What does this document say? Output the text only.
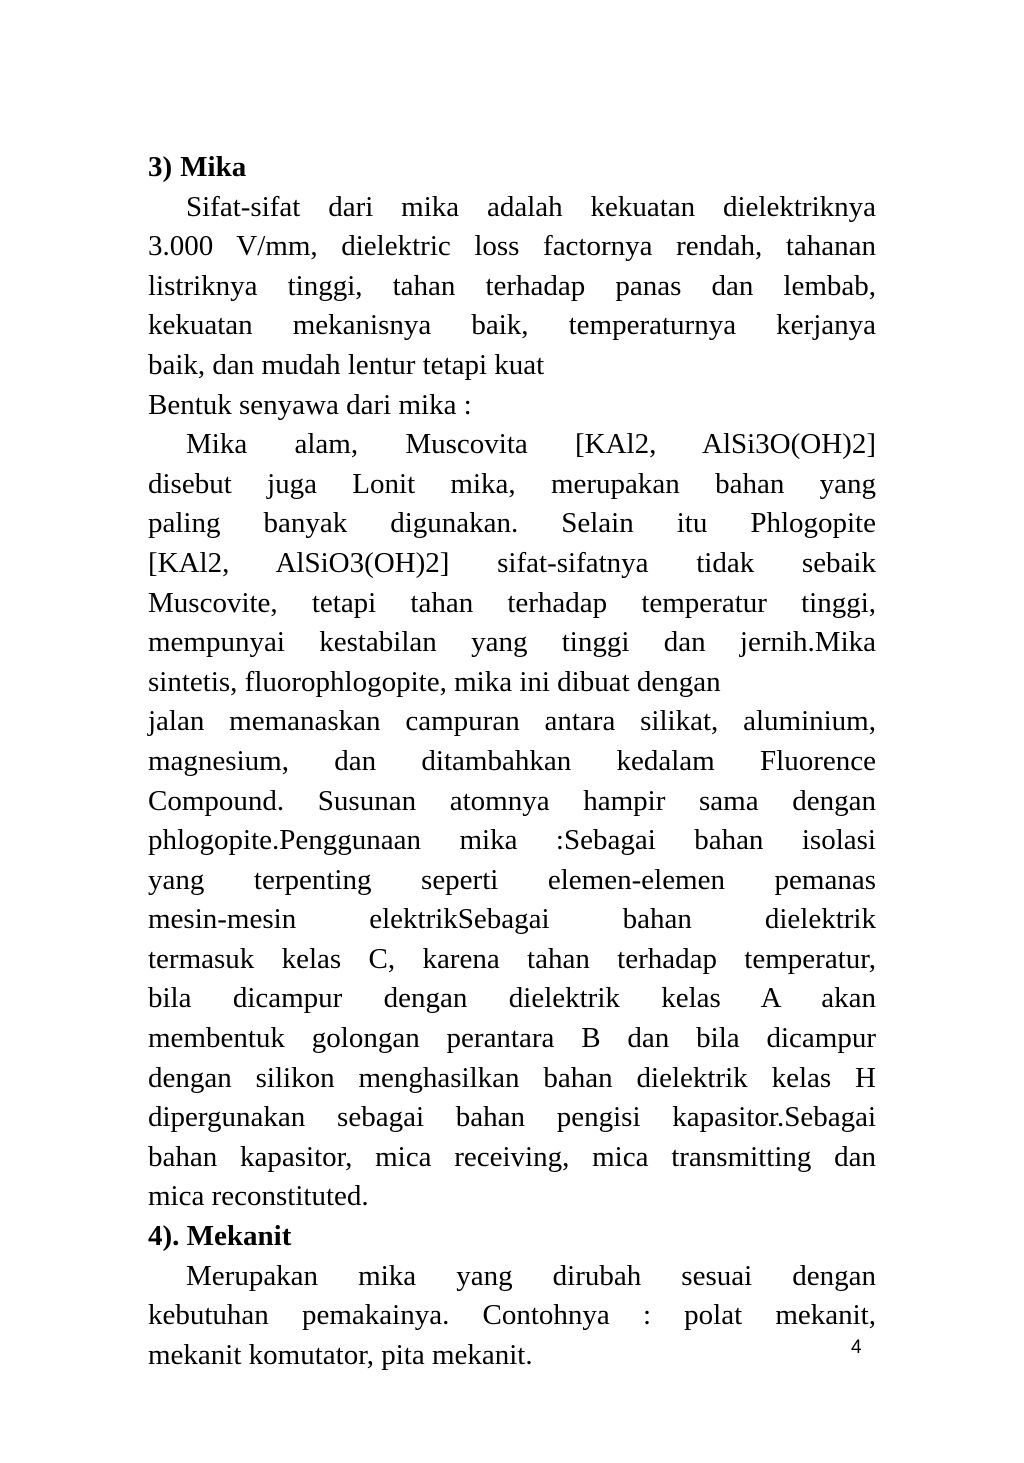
3) Mika

Sifat-sifat dari mika adalah kekuatan dielektriknya
3.000 V/mm, dielektric loss factornya rendah, tahanan
listriknya tinggi, tahan terhadap panas dan lembab,
kekuatan mekanisnya baik, temperaturnya kerjanya
baik, dan mudah lentur tetapi kuat

Bentuk senyawa dari mika :

Mika alam, Muscovita [KAl2, AlSi3O(OH)2]
disebut juga Lonit mika, merupakan bahan yang
paling banyak digunakan. Selain itu Phlogopite
[KAl2, AlSiO3(OH)2] sifat-sifatnya tidak sebaik
Muscovite, tetapi tahan terhadap temperatur tinggi,
mempunyai kestabilan yang tinggi dan jernih.Mika
sintetis, fluorophlogopite, mika ini dibuat dengan
jalan memanaskan campuran antara silikat, aluminium,
magnesium, dan ditambahkan kedalam Fluorence
Compound. Susunan atomnya hampir sama dengan
phlogopite.Penggunaan mika :Sebagai bahan isolasi
yang terpenting seperti elemen-elemen pemanas
mesin-mesin elektrikSebagai bahan dielektrik
termasuk kelas C, karena tahan terhadap temperatur,
bila dicampur dengan dielektrik kelas A akan
membentuk golongan perantara B dan bila dicampur
dengan silikon menghasilkan bahan dielektrik kelas H
dipergunakan sebagai bahan pengisi kapasitor.Sebagai
bahan kapasitor, mica receiving, mica transmitting dan
mica reconstituted.

4). Mekanit

Merupakan mika yang dirubah sesuai dengan
kebutuhan pemakainya. Contohnya : polat mekanit,
mekanit komutator, pita mekanit.	4
